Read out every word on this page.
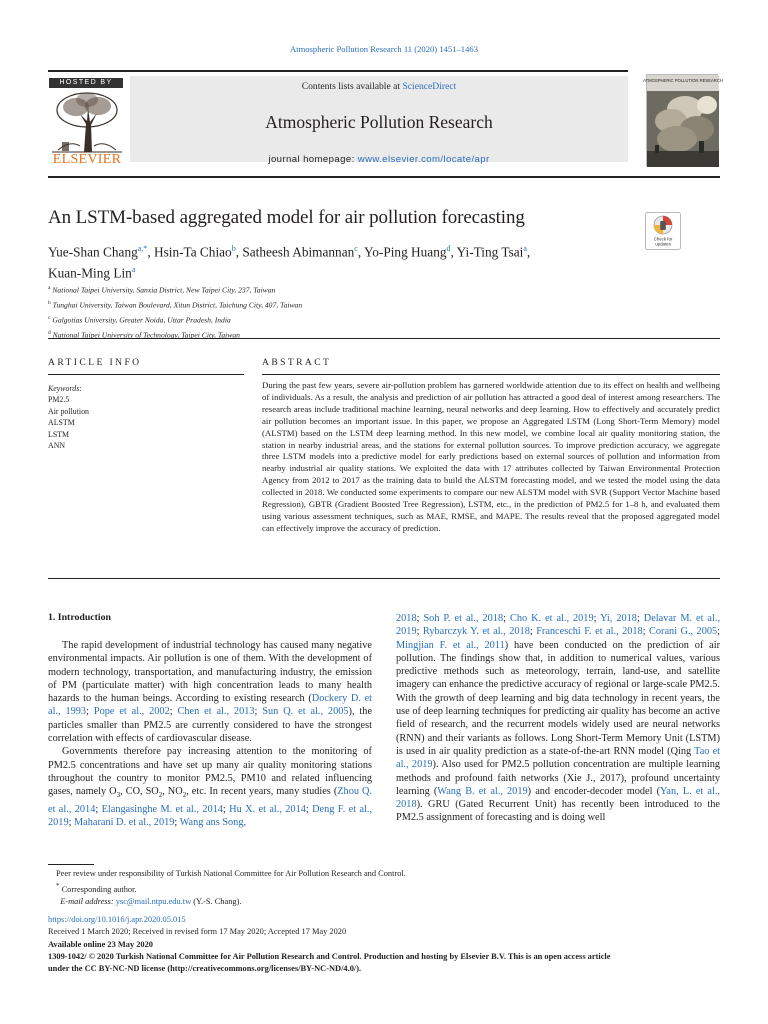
Atmospheric Pollution Research 11 (2020) 1451–1463
HOSTED BY
ELSEVIER
Contents lists available at ScienceDirect
Atmospheric Pollution Research
journal homepage: www.elsevier.com/locate/apr
ATMOSPHERIC POLLUTION RESEARCH
An LSTM-based aggregated model for air pollution forecasting
Check for updates
Yue-Shan Chang$^{a,*}$, Hsin-Ta Chiao$^b$, Satheesh Abimannan$^c$, Yo-Ping Huang$^d$, Yi-Ting Tsai$^a$,
Kuan-Ming Lin$^a$
$^a$ National Taipei University, Sanxia District, New Taipei City, 237, Taiwan
$^b$ Tunghai University, Taiwan Boulevard, Xitun District, Taichung City, 407, Taiwan
$^c$ Galgotias University, Greater Noida, Uttar Pradesh, India
$^d$ National Taipei University of Technology, Taipei City, Taiwan
ARTICLE INFO	ABSTRACT
Keywords:
PM2.5
Air pollution
ALSTM
LSTM
ANN
During the past few years, severe air-pollution problem has garnered worldwide attention due to its effect on health and wellbeing of individuals. As a result, the analysis and prediction of air pollution has attracted a good deal of interest among researchers. The research areas include traditional machine learning, neural networks and deep learning. How to effectively and accurately predict air pollution becomes an important issue. In this paper, we propose an Aggregated LSTM (Long Short-Term Memory) model (ALSTM) based on the LSTM deep learning method. In this new model, we combine local air quality monitoring station, the station in nearby industrial areas, and the stations for external pollution sources. To improve prediction accuracy, we aggregate three LSTM models into a predictive model for early predictions based on external sources of pollution and information from nearby industrial air quality stations. We exploited the data with 17 attributes collected by Taiwan Environmental Protection Agency from 2012 to 2017 as the training data to build the ALSTM forecasting model, and we tested the model using the data collected in 2018. We conducted some experiments to compare our new ALSTM model with SVR (Support Vector Machine based Regression), GBTR (Gradient Boosted Tree Regression), LSTM, etc., in the prediction of PM2.5 for 1–8 h, and evaluated them using various assessment techniques, such as MAE, RMSE, and MAPE. The results reveal that the proposed aggregated model can effectively improve the accuracy of prediction.
1. Introduction

The rapid development of industrial technology has caused many negative environmental impacts. Air pollution is one of them. With the development of modern technology, transportation, and manufacturing industry, the emission of PM (particulate matter) with high concentration leads to many health hazards to the human beings. According to existing research (Dockery D. et al., 1993; Pope et al., 2002; Chen et al., 2013; Sun Q. et al., 2005), the particles smaller than PM2.5 are currently considered to have the strongest correlation with effects of cardiovascular disease.

Governments therefore pay increasing attention to the monitoring of PM2.5 concentrations and have set up many air quality monitoring stations throughout the country to monitor PM2.5, PM10 and related influencing gases, namely $O_3$, CO, $SO_2$, $NO_2$, etc. In recent years, many studies (Zhou Q. et al., 2014; Elangasinghe M. et al., 2014; Hu X. et al., 2014; Deng F. et al., 2019; Maharani D. et al., 2019; Wang ans Song,

2018; Soh P. et al., 2018; Cho K. et al., 2019; Yi, 2018; Delavar M. et al., 2019; Rybarczyk Y. et al., 2018; Franceschi F. et al., 2018; Corani G., 2005; Mingjian F. et al., 2011) have been conducted on the prediction of air pollution. The findings show that, in addition to numerical values, various predictive methods such as meteorology, terrain, land-use, and satellite imagery can enhance the predictive accuracy of regional or large-scale PM2.5. With the growth of deep learning and big data technology in recent years, the use of deep learning techniques for predicting air quality has become an active field of research, and the recurrent models widely used are neural networks (RNN) and their variants as follows. Long Short-Term Memory Unit (LSTM) is used in air quality prediction as a state-of-the-art RNN model (Qing Tao et al., 2019). Also used for PM2.5 pollution concentration are multiple learning methods and profound faith networks (Xie J., 2017), profound uncertainty learning (Wang B. et al., 2019) and encoder-decoder model (Yan, L. et al., 2018). GRU (Gated Recurrent Unit) has recently been introduced to the PM2.5 assignment of forecasting and is doing well

Peer review under responsibility of Turkish National Committee for Air Pollution Research and Control.
* Corresponding author.
E-mail address: ysc@mail.ntpu.edu.tw (Y.-S. Chang).
https://doi.org/10.1016/j.apr.2020.05.015
Received 1 March 2020; Received in revised form 17 May 2020; Accepted 17 May 2020
Available online 23 May 2020
1309-1042/ © 2020 Turkish National Committee for Air Pollution Research and Control. Production and hosting by Elsevier B.V. This is an open access article
under the CC BY-NC-ND license (http://creativecommons.org/licenses/BY-NC-ND/4.0/).
